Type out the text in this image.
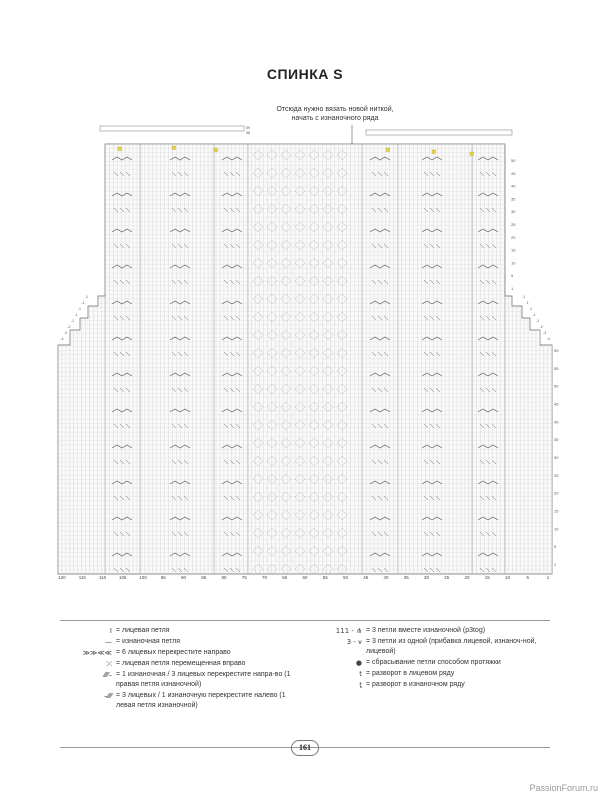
СПИНКА S
Отсюда нужно вязать новой ниткой,
начать с изнаночного ряда
120	115	110	105	100	95	90	85	80	75	70	65	60	55	50	45	40	35	30	25	20	15	10	5	1
50
45
40
35
30
25
20
15
10
5
1
59
55
50
45
40
35
30
25
20
15
10
5
1
59
58
-1	-1
-1	-1
-1	-1
-1	-1
-1	-1
-2	-2
-3	-3
-4	-4
I = лицевая петля
— = изнаночная петля
≫≫≪≪ = 6 лицевых перекрестите направо
⤫ = лицевая петля перемещенная вправо
⁄⁄⁄⁄– = 1 изнаночная / 3 лицевых перекрестите напра-во (1 правая петля изнаночной)
–⁄⁄⁄⁄ = 3 лицевых / 1 изнаночную перекрестите налево (1 левая петля изнаночной)
111 - ⋔ = 3 петли вместе изнаночной (p3tog)
3 - ⩛ = 3 петли из одной (прибавка лицевой, изнаноч-ной, лицевой)
● = сбрасывание петли способом протяжки
t = разворот в лицевом ряду
ṯ = разворот в изнаночном ряду
161
PassionForum.ru
